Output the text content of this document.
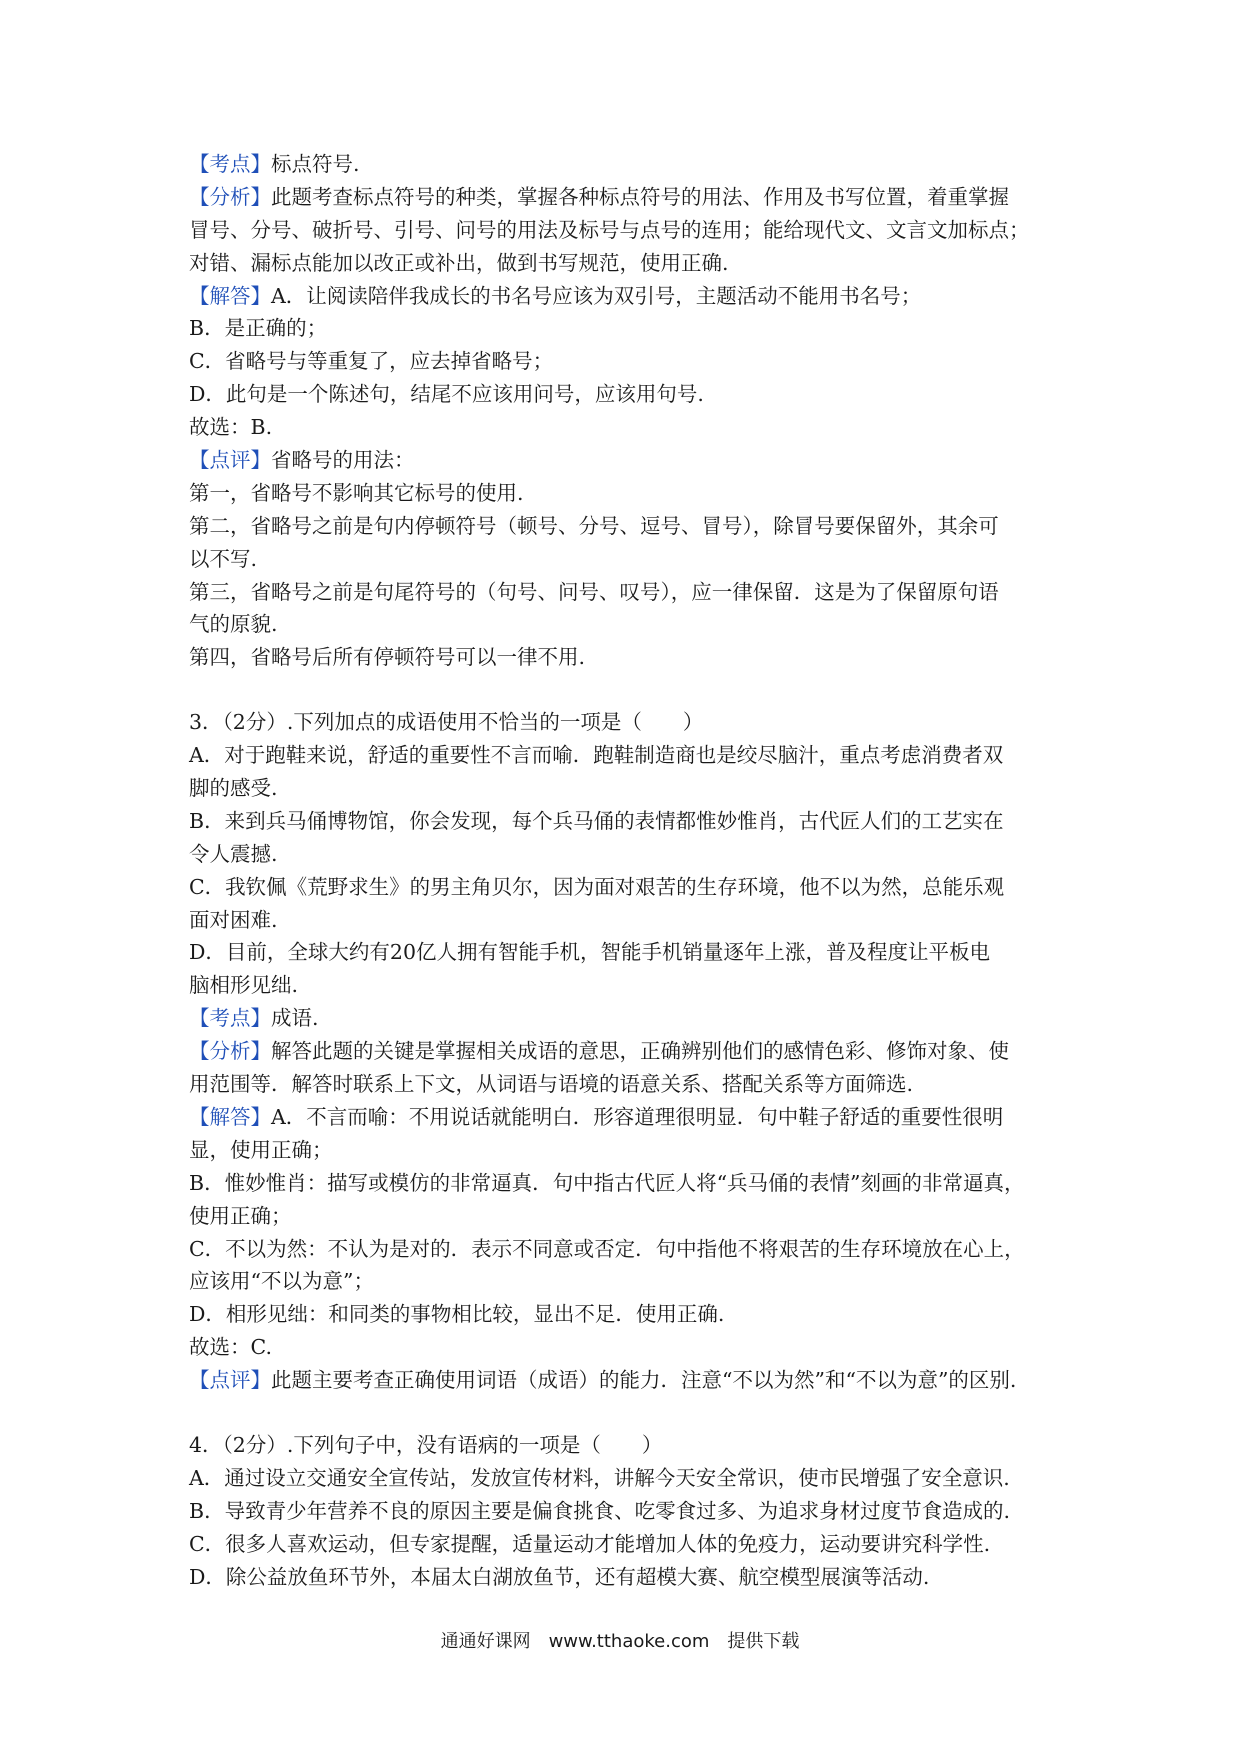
【考点】标点符号.
【分析】此题考查标点符号的种类，掌握各种标点符号的用法、作用及书写位置，着重掌握
冒号、分号、破折号、引号、问号的用法及标号与点号的连用；能给现代文、文言文加标点；
对错、漏标点能加以改正或补出，做到书写规范，使用正确.
【解答】A．让阅读陪伴我成长的书名号应该为双引号，主题活动不能用书名号；
B．是正确的；
C．省略号与等重复了，应去掉省略号；
D．此句是一个陈述句，结尾不应该用问号，应该用句号.
故选：B.
【点评】省略号的用法：
第一，省略号不影响其它标号的使用.
第二，省略号之前是句内停顿符号（顿号、分号、逗号、冒号），除冒号要保留外，其余可
以不写.
第三，省略号之前是句尾符号的（句号、问号、叹号），应一律保留．这是为了保留原句语
气的原貌.
第四，省略号后所有停顿符号可以一律不用.
3．（2分）.下列加点的成语使用不恰当的一项是（　　）
A．对于跑鞋来说，舒适的重要性不言而喻．跑鞋制造商也是绞尽脑汁，重点考虑消费者双
脚的感受.
B．来到兵马俑博物馆，你会发现，每个兵马俑的表情都惟妙惟肖，古代匠人们的工艺实在
令人震撼.
C．我钦佩《荒野求生》的男主角贝尔，因为面对艰苦的生存环境，他不以为然，总能乐观
面对困难.
D．目前，全球大约有20亿人拥有智能手机，智能手机销量逐年上涨，普及程度让平板电
脑相形见绌.
【考点】成语.
【分析】解答此题的关键是掌握相关成语的意思，正确辨别他们的感情色彩、修饰对象、使
用范围等．解答时联系上下文，从词语与语境的语意关系、搭配关系等方面筛选.
【解答】A．不言而喻：不用说话就能明白．形容道理很明显．句中鞋子舒适的重要性很明
显，使用正确；
B．惟妙惟肖：描写或模仿的非常逼真．句中指古代匠人将“兵马俑的表情”刻画的非常逼真，
使用正确；
C．不以为然：不认为是对的．表示不同意或否定．句中指他不将艰苦的生存环境放在心上，
应该用“不以为意”；
D．相形见绌：和同类的事物相比较，显出不足．使用正确.
故选：C.
【点评】此题主要考查正确使用词语（成语）的能力．注意“不以为然”和“不以为意”的区别.
4．（2分）.下列句子中，没有语病的一项是（　　）
A．通过设立交通安全宣传站，发放宣传材料，讲解今天安全常识，使市民增强了安全意识.
B．导致青少年营养不良的原因主要是偏食挑食、吃零食过多、为追求身材过度节食造成的.
C．很多人喜欢运动，但专家提醒，适量运动才能增加人体的免疫力，运动要讲究科学性.
D．除公益放鱼环节外，本届太白湖放鱼节，还有超模大赛、航空模型展演等活动.
通通好课网　www.tthaoke.com　提供下载
